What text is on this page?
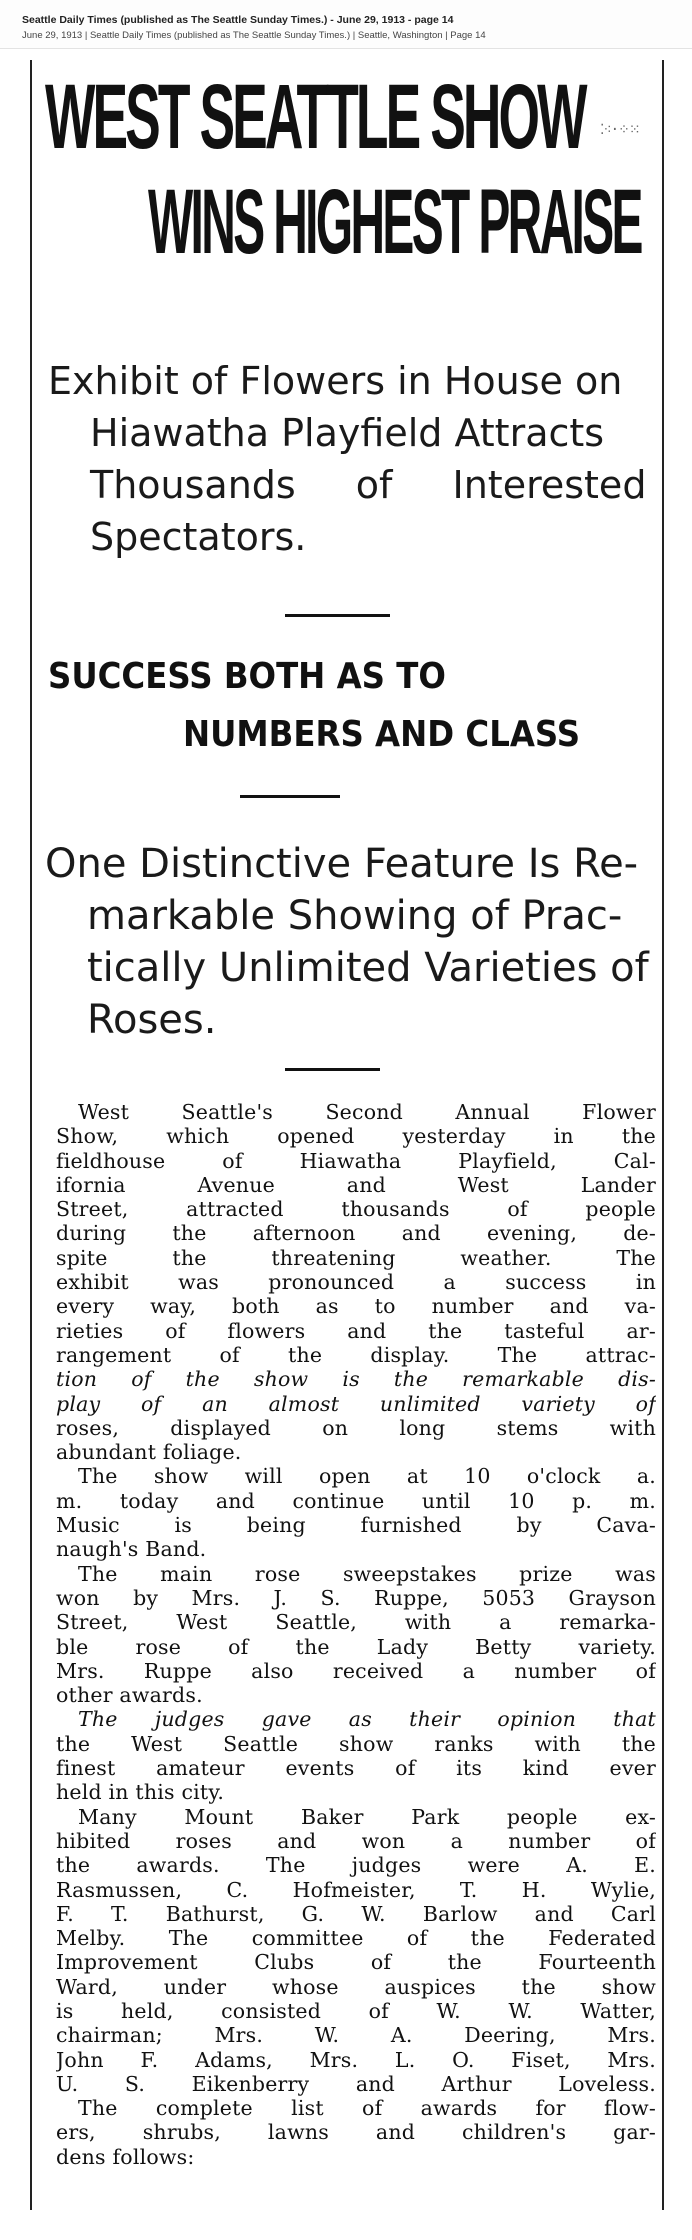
Seattle Daily Times (published as The Seattle Sunday Times.) - June 29, 1913 - page 14
June 29, 1913 | Seattle Daily Times (published as The Seattle Sunday Times.) | Seattle, Washington | Page 14
WEST SEATTLE SHOW
WINS HIGHEST PRAISE
⁚⁖·⁘⁙
Exhibit of Flowers in House on
Hiawatha Playfield Attracts
Thousands of Interested
Spectators.
SUCCESS BOTH AS TO
NUMBERS AND CLASS
One Distinctive Feature Is Re-
markable Showing of Prac-
tically Unlimited Varieties of
Roses.
West Seattle's Second Annual Flower
Show, which opened yesterday in the
fieldhouse of Hiawatha Playfield, Cal-
ifornia Avenue and West Lander
Street, attracted thousands of people
during the afternoon and evening, de-
spite the threatening weather. The
exhibit was pronounced a success in
every way, both as to number and va-
rieties of flowers and the tasteful ar-
rangement of the display. The attrac-
tion of the show is the remarkable dis-
play of an almost unlimited variety of
roses, displayed on long stems with
abundant foliage.
The show will open at 10 o'clock a.
m. today and continue until 10 p. m.
Music is being furnished by Cava-
naugh's Band.
The main rose sweepstakes prize was
won by Mrs. J. S. Ruppe, 5053 Grayson
Street, West Seattle, with a remarka-
ble rose of the Lady Betty variety.
Mrs. Ruppe also received a number of
other awards.
The judges gave as their opinion that
the West Seattle show ranks with the
finest amateur events of its kind ever
held in this city.
Many Mount Baker Park people ex-
hibited roses and won a number of
the awards. The judges were A. E.
Rasmussen, C. Hofmeister, T. H. Wylie,
F. T. Bathurst, G. W. Barlow and Carl
Melby. The committee of the Federated
Improvement Clubs of the Fourteenth
Ward, under whose auspices the show
is held, consisted of W. W. Watter,
chairman; Mrs. W. A. Deering, Mrs.
John F. Adams, Mrs. L. O. Fiset, Mrs.
U. S. Eikenberry and Arthur Loveless.
The complete list of awards for flow-
ers, shrubs, lawns and children's gar-
dens follows:
